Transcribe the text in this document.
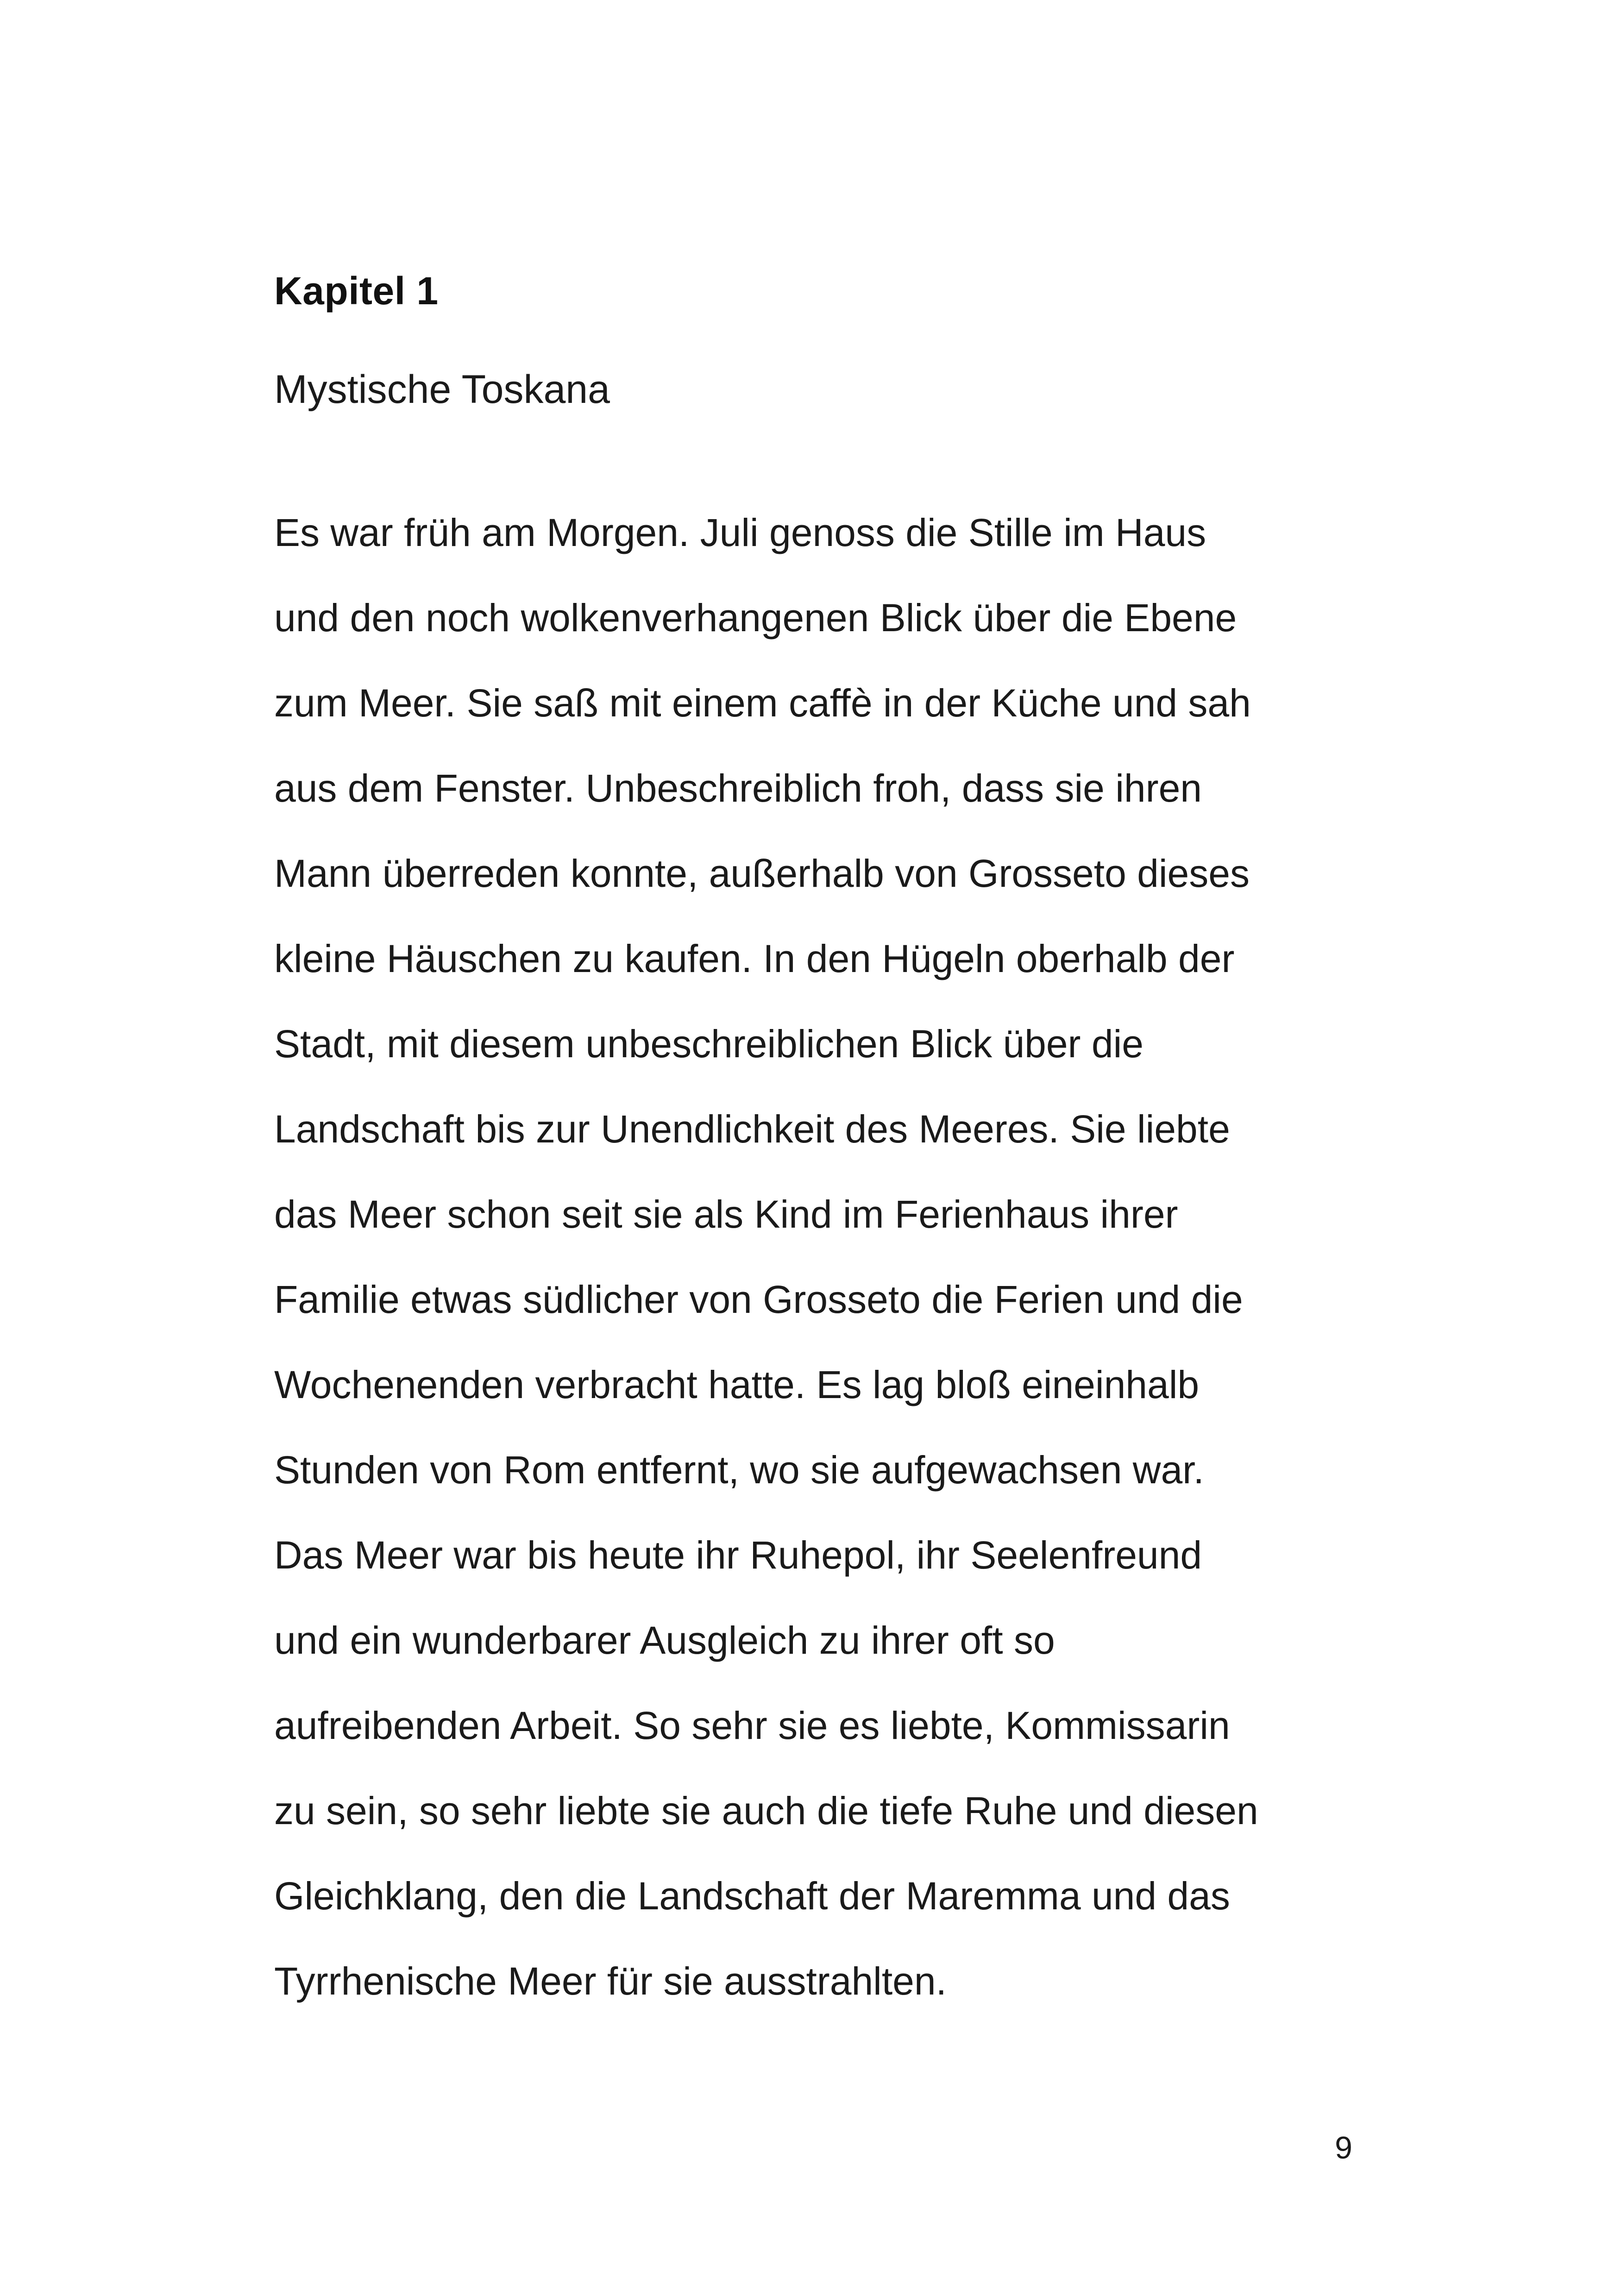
Kapitel 1
Mystische Toskana
Es war früh am Morgen. Juli genoss die Stille im Haus
und den noch wolkenverhangenen Blick über die Ebene
zum Meer. Sie saß mit einem caffè in der Küche und sah
aus dem Fenster. Unbeschreiblich froh, dass sie ihren
Mann überreden konnte, außerhalb von Grosseto dieses
kleine Häuschen zu kaufen. In den Hügeln oberhalb der
Stadt, mit diesem unbeschreiblichen Blick über die
Landschaft bis zur Unendlichkeit des Meeres. Sie liebte
das Meer schon seit sie als Kind im Ferienhaus ihrer
Familie etwas südlicher von Grosseto die Ferien und die
Wochenenden verbracht hatte. Es lag bloß eineinhalb
Stunden von Rom entfernt, wo sie aufgewachsen war.
Das Meer war bis heute ihr Ruhepol, ihr Seelenfreund
und ein wunderbarer Ausgleich zu ihrer oft so
aufreibenden Arbeit. So sehr sie es liebte, Kommissarin
zu sein, so sehr liebte sie auch die tiefe Ruhe und diesen
Gleichklang, den die Landschaft der Maremma und das
Tyrrhenische Meer für sie ausstrahlten.
9
